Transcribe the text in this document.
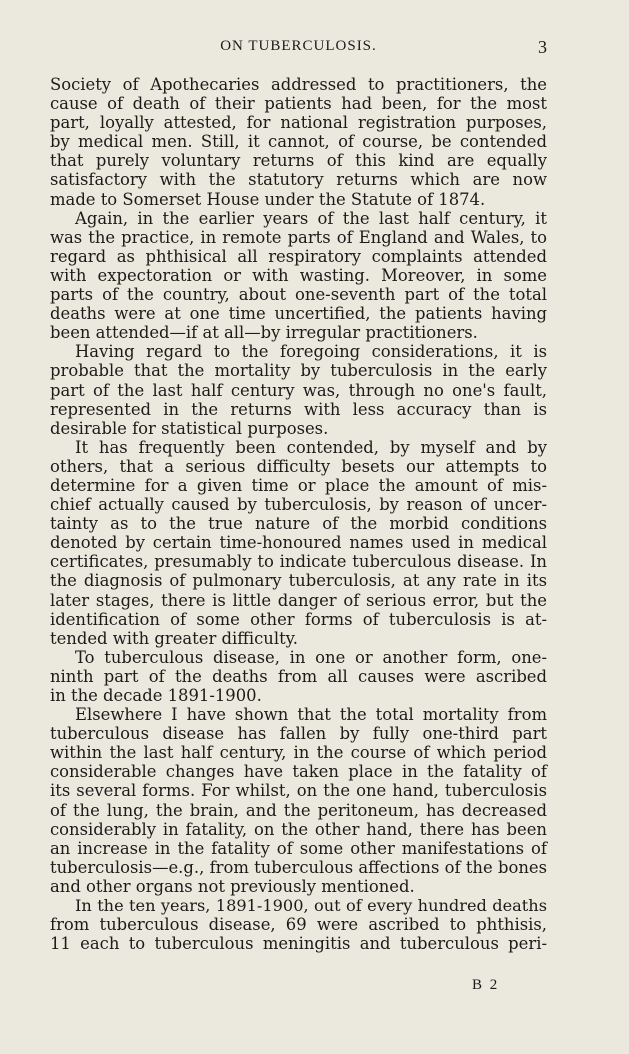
ON TUBERCULOSIS.	3
Society of Apothecaries addressed to practitioners, the
cause of death of their patients had been, for the most
part, loyally attested, for national registration purposes,
by medical men. Still, it cannot, of course, be contended
that purely voluntary returns of this kind are equally
satisfactory with the statutory returns which are now
made to Somerset House under the Statute of 1874.
Again, in the earlier years of the last half century, it
was the practice, in remote parts of England and Wales, to
regard as phthisical all respiratory complaints attended
with expectoration or with wasting. Moreover, in some
parts of the country, about one-seventh part of the total
deaths were at one time uncertified, the patients having
been attended—if at all—by irregular practitioners.
Having regard to the foregoing considerations, it is
probable that the mortality by tuberculosis in the early
part of the last half century was, through no one's fault,
represented in the returns with less accuracy than is
desirable for statistical purposes.
It has frequently been contended, by myself and by
others, that a serious difficulty besets our attempts to
determine for a given time or place the amount of mis-
chief actually caused by tuberculosis, by reason of uncer-
tainty as to the true nature of the morbid conditions
denoted by certain time-honoured names used in medical
certificates, presumably to indicate tuberculous disease. In
the diagnosis of pulmonary tuberculosis, at any rate in its
later stages, there is little danger of serious error, but the
identification of some other forms of tuberculosis is at-
tended with greater difficulty.
To tuberculous disease, in one or another form, one-
ninth part of the deaths from all causes were ascribed
in the decade 1891-1900.
Elsewhere I have shown that the total mortality from
tuberculous disease has fallen by fully one-third part
within the last half century, in the course of which period
considerable changes have taken place in the fatality of
its several forms. For whilst, on the one hand, tuberculosis
of the lung, the brain, and the peritoneum, has decreased
considerably in fatality, on the other hand, there has been
an increase in the fatality of some other manifestations of
tuberculosis—e.g., from tuberculous affections of the bones
and other organs not previously mentioned.
In the ten years, 1891-1900, out of every hundred deaths
from tuberculous disease, 69 were ascribed to phthisis,
11 each to tuberculous meningitis and tuberculous peri-
B 2
